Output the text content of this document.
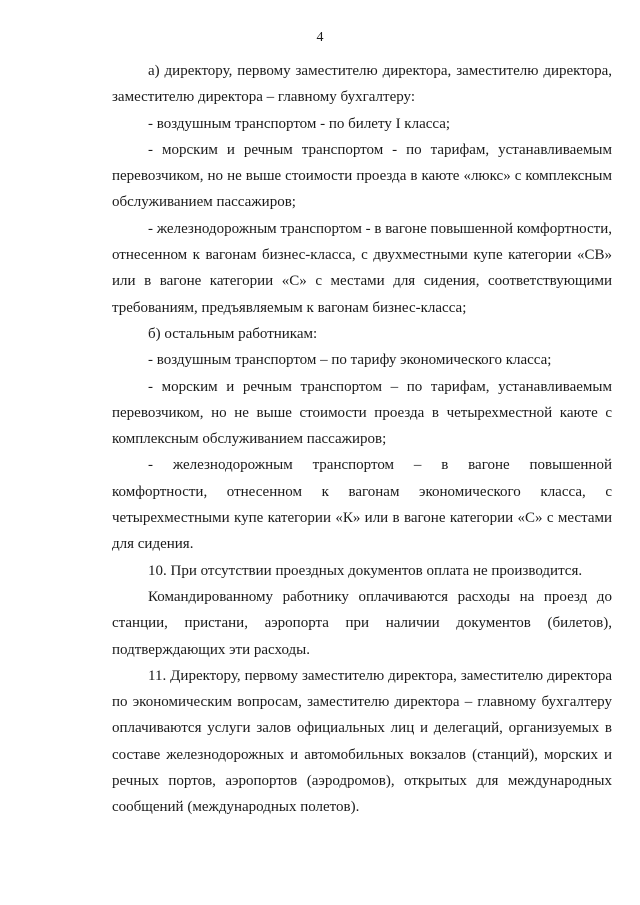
4

а) директору, первому заместителю директора, заместителю директора, заместителю директора – главному бухгалтеру:

- воздушным транспортом - по билету I класса;

- морским и речным транспортом - по тарифам, устанавливаемым перевозчиком, но не выше стоимости проезда в каюте «люкс» с комплексным обслуживанием пассажиров;

- железнодорожным транспортом - в вагоне повышенной комфортности, отнесенном к вагонам бизнес-класса, с двухместными купе категории «СВ» или в вагоне категории «С» с местами для сидения, соответствующими требованиям, предъявляемым к вагонам бизнес-класса;

б) остальным работникам:

- воздушным транспортом – по тарифу экономического класса;

- морским и речным транспортом – по тарифам, устанавливаемым перевозчиком, но не выше стоимости проезда в четырехместной каюте с комплексным обслуживанием пассажиров;

- железнодорожным транспортом – в вагоне повышенной комфортности, отнесенном к вагонам экономического класса, с четырехместными купе категории «К» или в вагоне категории «С» с местами для сидения.

10. При отсутствии проездных документов оплата не производится.

Командированному работнику оплачиваются расходы на проезд до станции, пристани, аэропорта при наличии документов (билетов), подтверждающих эти расходы.

11. Директору, первому заместителю директора, заместителю директора по экономическим вопросам, заместителю директора – главному бухгалтеру оплачиваются услуги залов официальных лиц и делегаций, организуемых в составе железнодорожных и автомобильных вокзалов (станций), морских и речных портов, аэропортов (аэродромов), открытых для международных сообщений (международных полетов).
